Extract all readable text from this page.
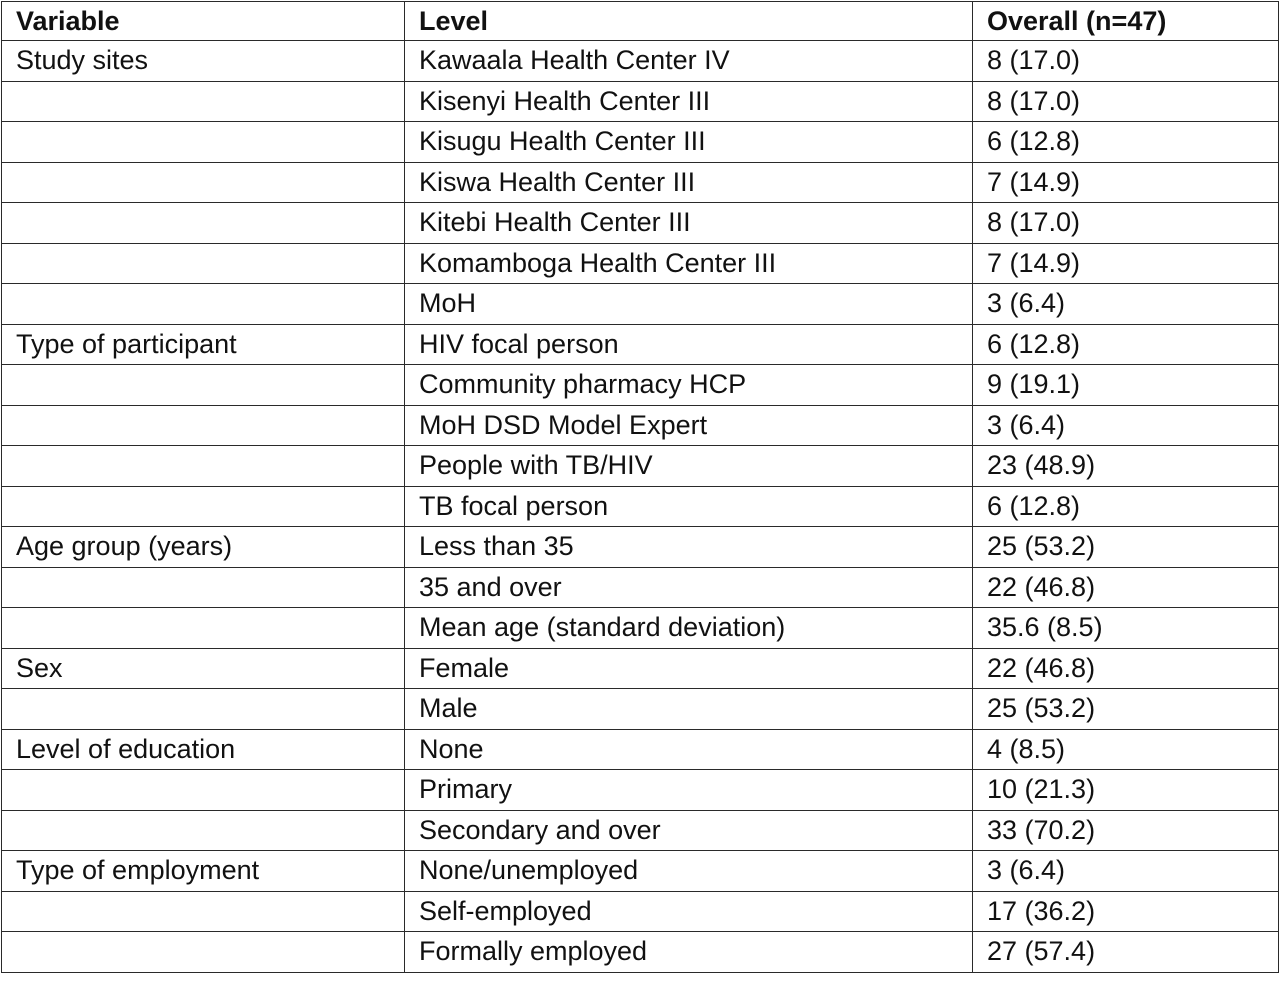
Variable	Level	Overall (n=47)
Study sites	Kawaala Health Center IV	8 (17.0)
	Kisenyi Health Center III	8 (17.0)
	Kisugu Health Center III	6 (12.8)
	Kiswa Health Center III	7 (14.9)
	Kitebi Health Center III	8 (17.0)
	Komamboga Health Center III	7 (14.9)
	MoH	3 (6.4)
Type of participant	HIV focal person	6 (12.8)
	Community pharmacy HCP	9 (19.1)
	MoH DSD Model Expert	3 (6.4)
	People with TB/HIV	23 (48.9)
	TB focal person	6 (12.8)
Age group (years)	Less than 35	25 (53.2)
	35 and over	22 (46.8)
	Mean age (standard deviation)	35.6 (8.5)
Sex	Female	22 (46.8)
	Male	25 (53.2)
Level of education	None	4 (8.5)
	Primary	10 (21.3)
	Secondary and over	33 (70.2)
Type of employment	None/unemployed	3 (6.4)
	Self-employed	17 (36.2)
	Formally employed	27 (57.4)
